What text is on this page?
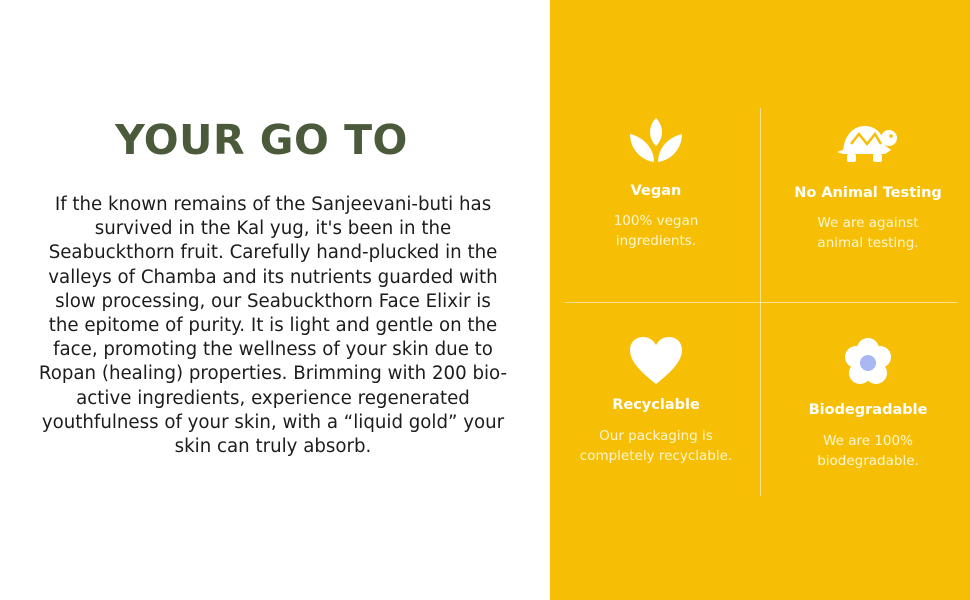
YOUR GO TO
If the known remains of the Sanjeevani-buti has survived in the Kal yug, it's been in the Seabuckthorn fruit. Carefully hand-plucked in the valleys of Chamba and its nutrients guarded with slow processing, our Seabuckthorn Face Elixir is the epitome of purity. It is light and gentle on the face, promoting the wellness of your skin due to Ropan (healing) properties. Brimming with 200 bio-active ingredients, experience regenerated youthfulness of your skin, with a “liquid gold” your skin can truly absorb.
Vegan
100% vegan
ingredients.
No Animal Testing
We are against
animal testing.
Recyclable
Our packaging is
completely recyclable.
Biodegradable
We are 100%
biodegradable.
